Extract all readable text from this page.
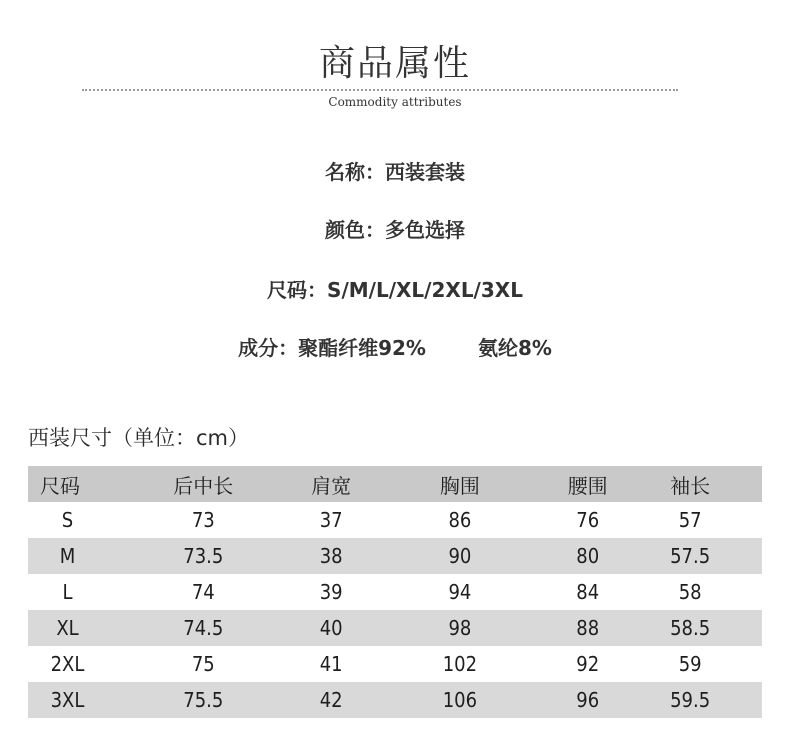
商品属性
Commodity attributes
名称：西装套装
颜色：多色选择
尺码：S/M/L/XL/2XL/3XL
成分：聚酯纤维92%	氨纶8%
西装尺寸（单位：cm）
尺码	后中长	肩宽	胸围	腰围	袖长
S	73	37	86	76	57
M	73.5	38	90	80	57.5
L	74	39	94	84	58
XL	74.5	40	98	88	58.5
2XL	75	41	102	92	59
3XL	75.5	42	106	96	59.5
